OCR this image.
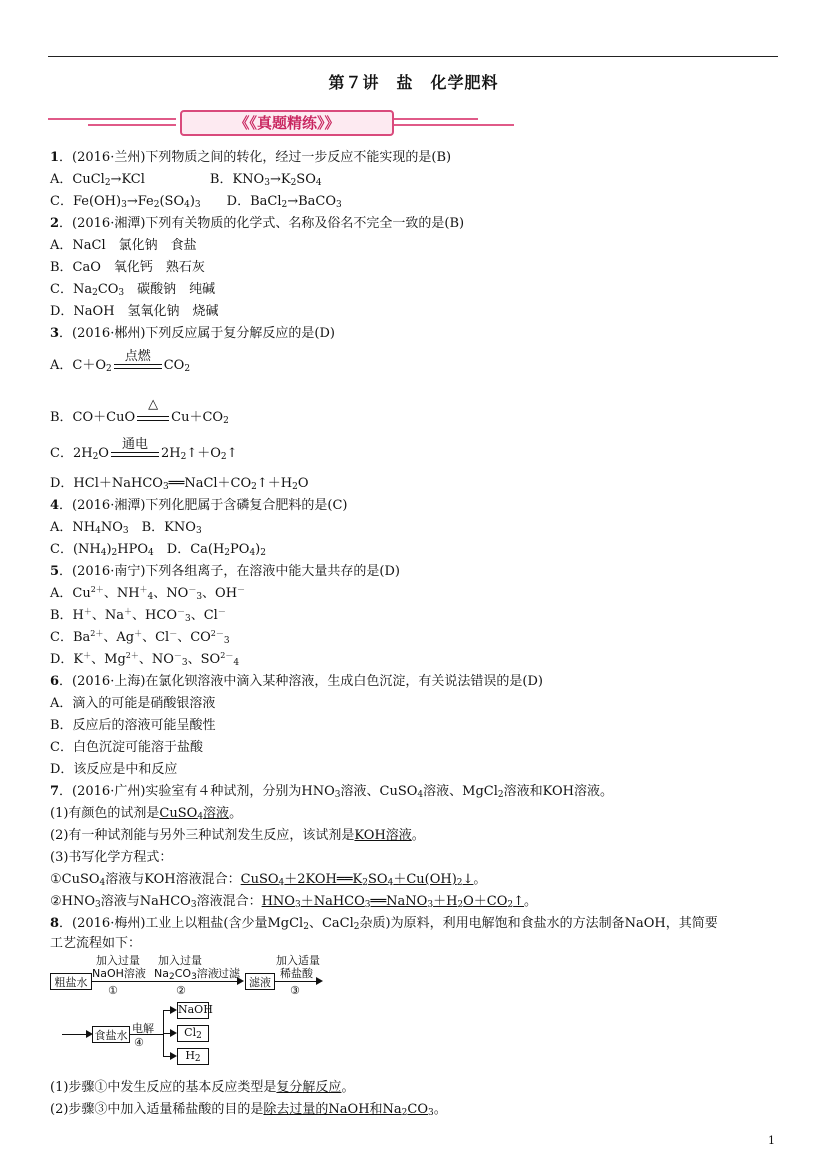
第７讲　盐　化学肥料
《《真题精练》》
1．(2016·兰州)下列物质之间的转化，经过一步反应不能实现的是(B)
A．CuCl$_2$→KCl　　　　　B．$KNO_3\to K_2SO_4$
C．$Fe(OH)_3\to Fe_2(SO_4)_3$　　D．BaCl$_2$→BaCO$_3$
2．(2016·湘潭)下列有关物质的化学式、名称及俗名不完全一致的是(B)
A．NaCl　氯化钠　食盐
B．CaO　氧化钙　熟石灰
C．$Na_2CO_3$　碳酸钠　纯碱
D．NaOH　氢氧化钠　烧碱
3．(2016·郴州)下列反应属于复分解反应的是(D)
A．$C+O_2$
点燃
$CO_2$
B．CO＋CuO
△
$Cu+CO_2$
C．$2H_2O$
通电
$2H_2↑+O_2↑$
D．$HCl+NaHCO_3══NaCl+CO_2↑+H_2O$
4．(2016·湘潭)下列化肥属于含磷复合肥料的是(C)
A．$NH_4NO_3$　B．$KNO_3$
C．$(NH_4)_2HPO_4$　D．$Ca(H_2PO_4)_2$
5．(2016·南宁)下列各组离子，在溶液中能大量共存的是(D)
A．$Cu^{2+}$、$NH^+_4$、$NO^-_3$、OH－
B．H＋、Na＋、$HCO^-_3$、Cl－
C．$Ba^{2+}$、Ag＋、Cl－、$CO^{2-}_3$
D．K＋、$Mg^{2+}$、$NO^-_3$、$SO^{2-}_4$
6．(2016·上海)在氯化钡溶液中滴入某种溶液，生成白色沉淀，有关说法错误的是(D)
A．滴入的可能是硝酸银溶液
B．反应后的溶液可能呈酸性
C．白色沉淀可能溶于盐酸
D．该反应是中和反应
7．(2016·广州)实验室有４种试剂，分别为$HNO_3$溶液、CuSO$_4$溶液、MgCl$_2$溶液和KOH溶液。
(1)有颜色的试剂是CuSO$_4$溶液。
(2)有一种试剂能与另外三种试剂发生反应，该试剂是KOH溶液。
(3)书写化学方程式：
①CuSO$_4$溶液与KOH溶液混合：$CuSO_4+2KOH══K_2SO_4+Cu(OH)_2↓$。
$②HNO_3$溶液与NaHCO$_3$溶液混合：$HNO_3+NaHCO_3══NaNO_3+H_2O+CO_2↑$。
8．(2016·梅州)工业上以粗盐(含少量MgCl$_2$、CaCl$_2$杂质)为原料，利用电解饱和食盐水的方法制备NaOH，其简要
工艺流程如下：
粗盐水
加入过量
NaOH溶液
①
加入过量
$Na_2CO_3$溶液
②
过滤
滤液
加入适量
稀盐酸
③
食盐水
电解
④
NaOH
$Cl_2$
$H_2$
(1)步骤①中发生反应的基本反应类型是复分解反应。
(2)步骤③中加入适量稀盐酸的目的是除去过量的NaOH和$Na_2CO_3$。
1
